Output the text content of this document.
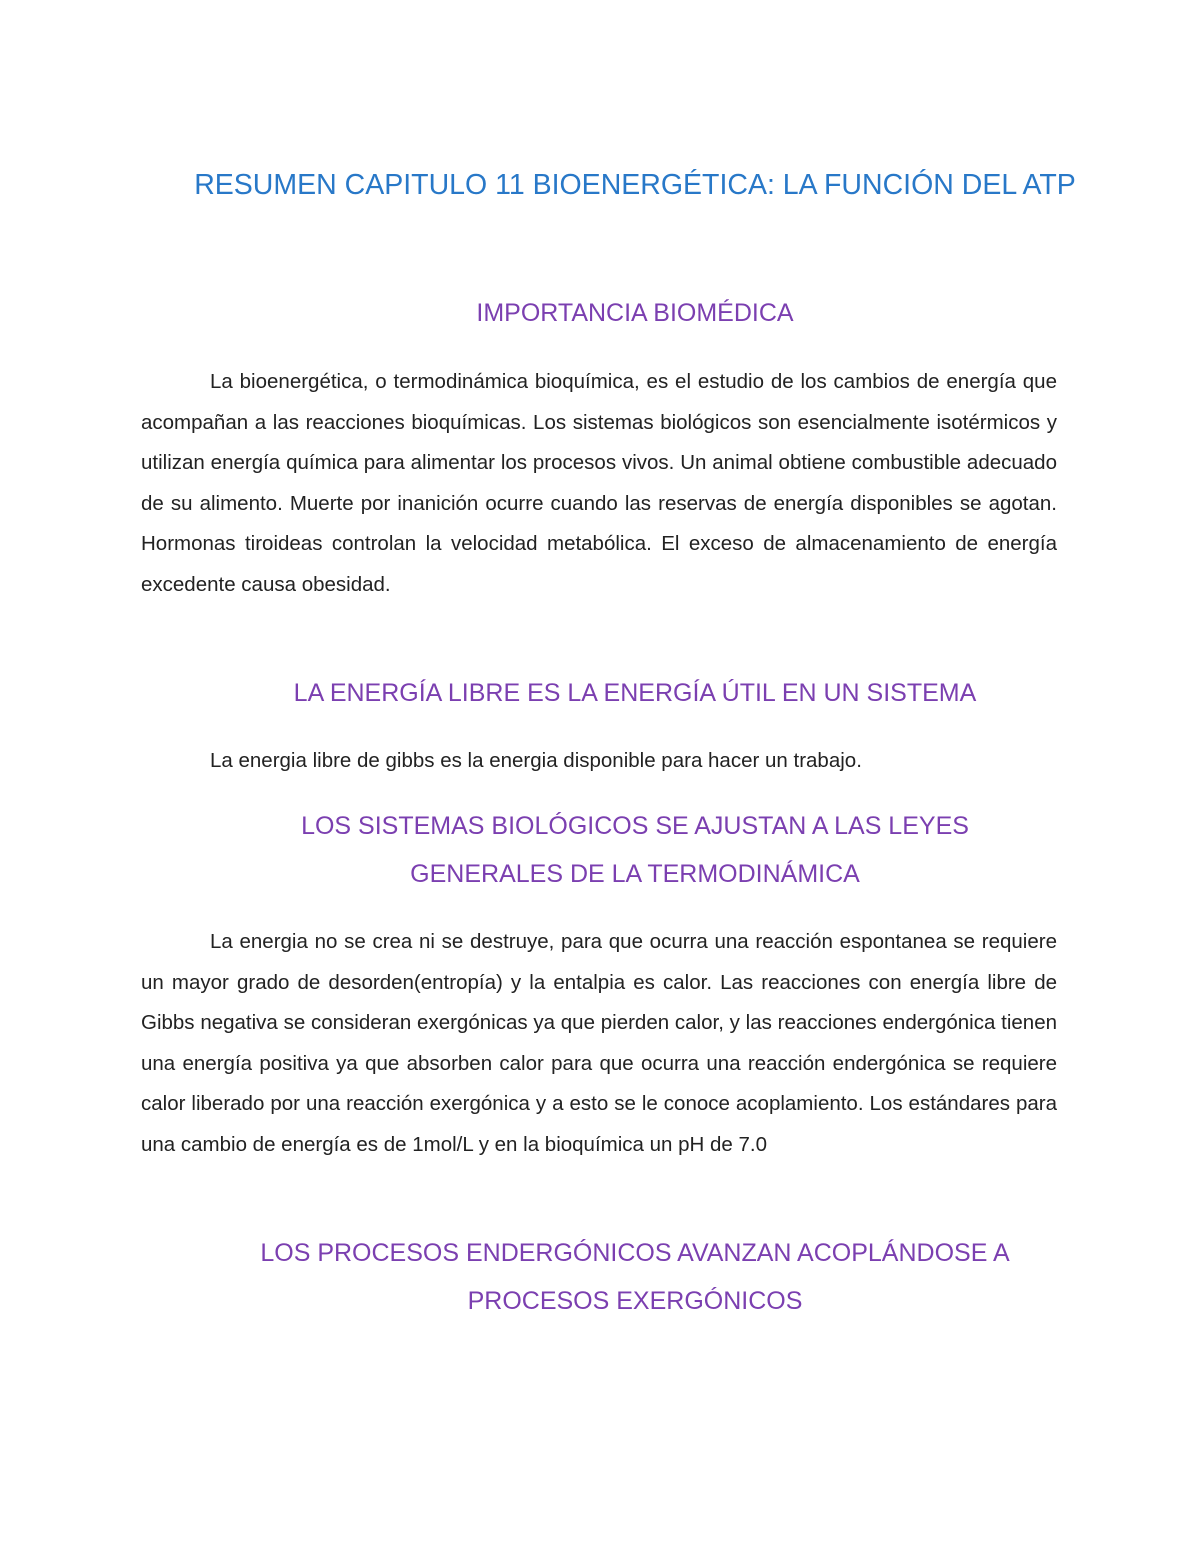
RESUMEN CAPITULO 11 BIOENERGÉTICA: LA FUNCIÓN DEL ATP
IMPORTANCIA BIOMÉDICA

La bioenergética, o termodinámica bioquímica, es el estudio de los cambios de energía que acompañan a las reacciones bioquímicas. Los sistemas biológicos son esencialmente isotérmicos y utilizan energía química para alimentar los procesos vivos. Un animal obtiene combustible adecuado de su alimento. Muerte por inanición ocurre cuando las reservas de energía disponibles se agotan. Hormonas tiroideas controlan la velocidad metabólica. El exceso de almacenamiento de energía excedente causa obesidad.

LA ENERGÍA LIBRE ES LA ENERGÍA ÚTIL EN UN SISTEMA

La energia libre de gibbs es la energia disponible para hacer un trabajo.

LOS SISTEMAS BIOLÓGICOS SE AJUSTAN A LAS LEYES GENERALES DE LA TERMODINÁMICA

La energia no se crea ni se destruye, para que ocurra una reacción espontanea se requiere un mayor grado de desorden(entropía) y la entalpia es calor. Las reacciones con energía libre de Gibbs negativa se consideran exergónicas ya que pierden calor, y las reacciones endergónica tienen una energía positiva ya que absorben calor para que ocurra una reacción endergónica se requiere calor liberado por una reacción exergónica y a esto se le conoce acoplamiento. Los estándares para una cambio de energía es de 1mol/L y en la bioquímica un pH de 7.0

LOS PROCESOS ENDERGÓNICOS AVANZAN ACOPLÁNDOSE A PROCESOS EXERGÓNICOS
